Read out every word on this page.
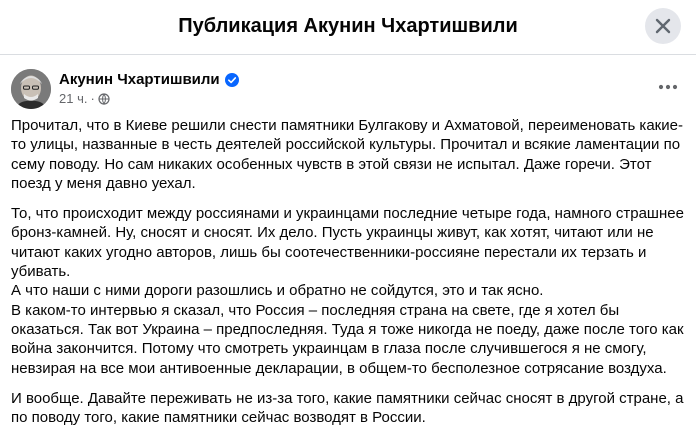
Публикация Акунин Чхартишвили
Акунин Чхартишвили
21 ч. ·

Прочитал, что в Киеве решили снести памятники Булгакову и Ахматовой, переименовать какие-то улицы, названные в честь деятелей российской культуры. Прочитал и всякие ламентации по сему поводу. Но сам никаких особенных чувств в этой связи не испытал. Даже горечи. Этот поезд у меня давно уехал.

То, что происходит между россиянами и украинцами последние четыре года, намного страшнее бронз-камней. Ну, сносят и сносят. Их дело. Пусть украинцы живут, как хотят, читают или не читают каких угодно авторов, лишь бы соотечественники-россияне перестали их терзать и убивать.
А что наши с ними дороги разошлись и обратно не сойдутся, это и так ясно.
В каком-то интервью я сказал, что Россия – последняя страна на свете, где я хотел бы оказаться. Так вот Украина – предпоследняя. Туда я тоже никогда не поеду, даже после того как война закончится. Потому что смотреть украинцам в глаза после случившегося я не смогу, невзирая на все мои антивоенные декларации, в общем-то бесполезное сотрясание воздуха.

И вообще. Давайте переживать не из-за того, какие памятники сейчас сносят в другой стране, а по поводу того, какие памятники сейчас возводят в России.
